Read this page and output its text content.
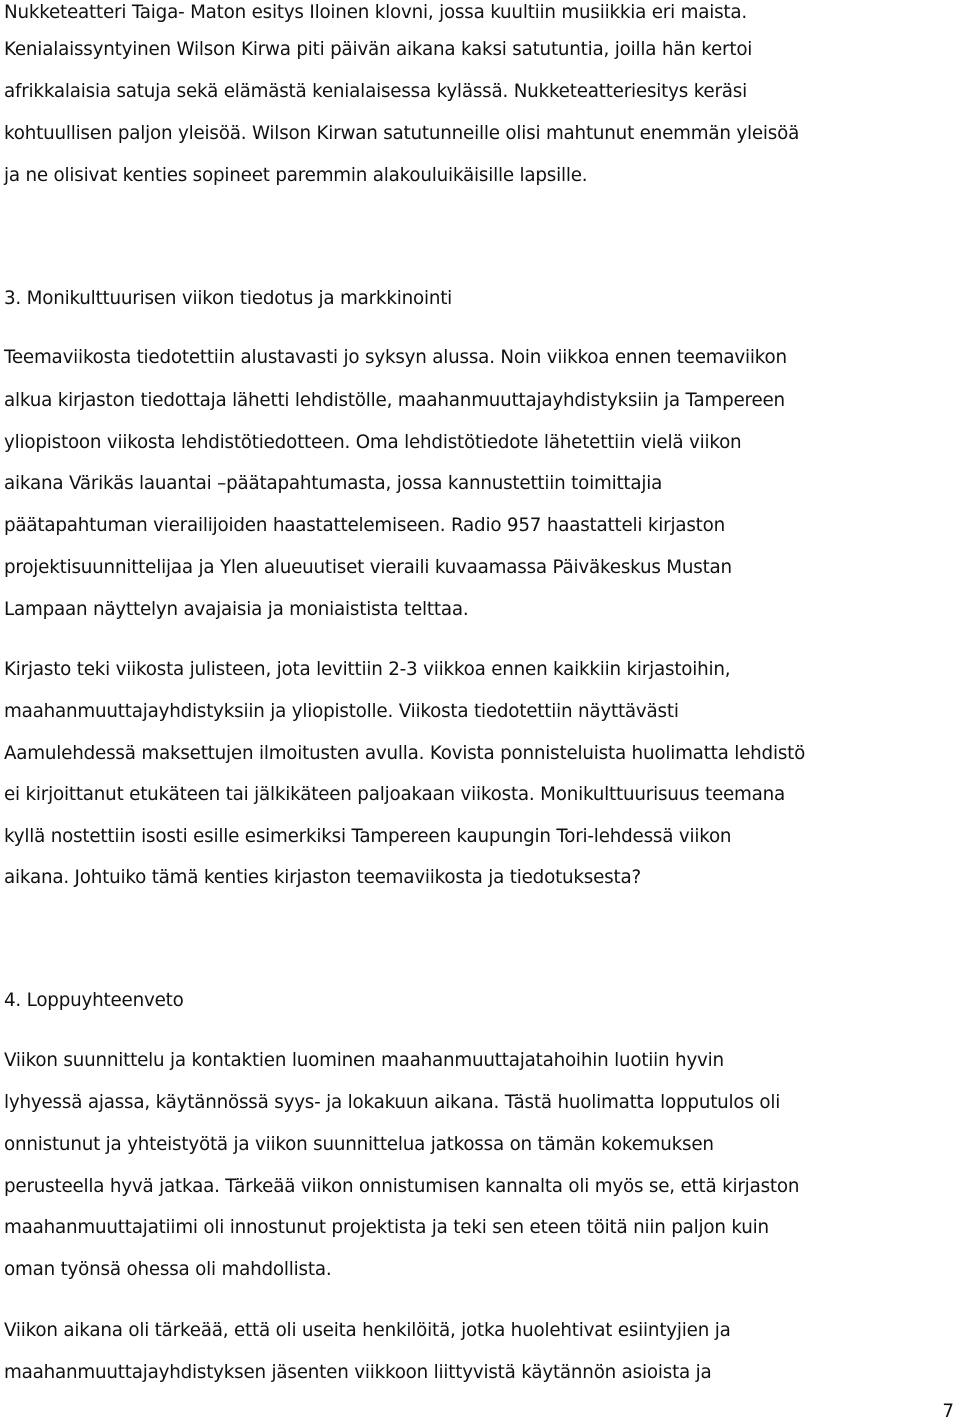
Nukketeatteri Taiga- Maton esitys Iloinen klovni, jossa kuultiin musiikkia eri maista.
Kenialaissyntyinen Wilson Kirwa piti päivän aikana kaksi satutuntia, joilla hän kertoi
afrikkalaisia satuja sekä elämästä kenialaisessa kylässä. Nukketeatteriesitys keräsi
kohtuullisen paljon yleisöä. Wilson Kirwan satutunneille olisi mahtunut enemmän yleisöä
ja ne olisivat kenties sopineet paremmin alakouluikäisille lapsille.
3. Monikulttuurisen viikon tiedotus ja markkinointi
Teemaviikosta tiedotettiin alustavasti jo syksyn alussa. Noin viikkoa ennen teemaviikon
alkua kirjaston tiedottaja lähetti lehdistölle, maahanmuuttajayhdistyksiin ja Tampereen
yliopistoon viikosta lehdistötiedotteen. Oma lehdistötiedote lähetettiin vielä viikon
aikana Värikäs lauantai –päätapahtumasta, jossa kannustettiin toimittajia
päätapahtuman vierailijoiden haastattelemiseen. Radio 957 haastatteli kirjaston
projektisuunnittelijaa ja Ylen alueuutiset vieraili kuvaamassa Päiväkeskus Mustan
Lampaan näyttelyn avajaisia ja moniaistista telttaa.
Kirjasto teki viikosta julisteen, jota levittiin 2-3 viikkoa ennen kaikkiin kirjastoihin,
maahanmuuttajayhdistyksiin ja yliopistolle. Viikosta tiedotettiin näyttävästi
Aamulehdessä maksettujen ilmoitusten avulla. Kovista ponnisteluista huolimatta lehdistö
ei kirjoittanut etukäteen tai jälkikäteen paljoakaan viikosta. Monikulttuurisuus teemana
kyllä nostettiin isosti esille esimerkiksi Tampereen kaupungin Tori-lehdessä viikon
aikana. Johtuiko tämä kenties kirjaston teemaviikosta ja tiedotuksesta?
4. Loppuyhteenveto
Viikon suunnittelu ja kontaktien luominen maahanmuuttajatahoihin luotiin hyvin
lyhyessä ajassa, käytännössä syys- ja lokakuun aikana. Tästä huolimatta lopputulos oli
onnistunut ja yhteistyötä ja viikon suunnittelua jatkossa on tämän kokemuksen
perusteella hyvä jatkaa. Tärkeää viikon onnistumisen kannalta oli myös se, että kirjaston
maahanmuuttajatiimi oli innostunut projektista ja teki sen eteen töitä niin paljon kuin
oman työnsä ohessa oli mahdollista.
Viikon aikana oli tärkeää, että oli useita henkilöitä, jotka huolehtivat esiintyjien ja
maahanmuuttajayhdistyksen jäsenten viikkoon liittyvistä käytännön asioista ja
7
